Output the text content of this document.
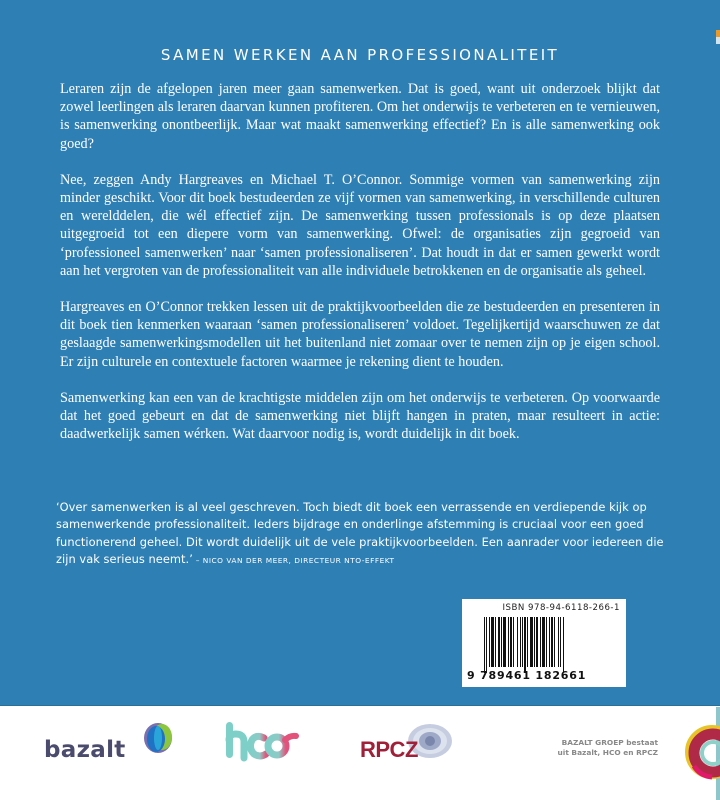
SAMEN WERKEN AAN PROFESSIONALITEIT

Leraren zijn de afgelopen jaren meer gaan samenwerken. Dat is goed, want uit onderzoek blijkt dat zowel leerlingen als leraren daarvan kunnen profiteren. Om het onderwijs te verbeteren en te vernieuwen, is samenwerking onontbeerlijk. Maar wat maakt samenwerking effectief? En is alle samenwerking ook goed?

Nee, zeggen Andy Hargreaves en Michael T. O’Connor. Sommige vormen van samenwerking zijn minder geschikt. Voor dit boek bestudeerden ze vijf vormen van samenwerking, in verschillende culturen en werelddelen, die wél effectief zijn. De samenwerking tussen professionals is op deze plaatsen uitgegroeid tot een diepere vorm van samenwerking. Ofwel: de organisaties zijn gegroeid van ‘professioneel samenwerken’ naar ‘samen professionaliseren’. Dat houdt in dat er samen gewerkt wordt aan het vergroten van de professionaliteit van alle individuele betrokkenen en de organisatie als geheel.

Hargreaves en O’Connor trekken lessen uit de praktijkvoorbeelden die ze bestudeerden en presenteren in dit boek tien kenmerken waaraan ‘samen professionaliseren’ voldoet. Tegelijkertijd waarschuwen ze dat geslaagde samenwerkingsmodellen uit het buitenland niet zomaar over te nemen zijn op je eigen school. Er zijn culturele en contextuele factoren waarmee je rekening dient te houden.

Samenwerking kan een van de krachtigste middelen zijn om het onderwijs te verbeteren. Op voorwaarde dat het goed gebeurt en dat de samenwerking niet blijft hangen in praten, maar resulteert in actie: daadwerkelijk samen wérken. Wat daarvoor nodig is, wordt duidelijk in dit boek.

‘Over samenwerken is al veel geschreven. Toch biedt dit boek een verrassende en verdiepende kijk op samenwerkende professionaliteit. Ieders bijdrage en onderlinge afstemming is cruciaal voor een goed functionerend geheel. Dit wordt duidelijk uit de vele praktijkvoorbeelden. Een aanrader voor iedereen die zijn vak serieus neemt.’ – NICO VAN DER MEER, DIRECTEUR NTO-EFFEKT
ISBN 978-94-6118-266-1
9 789461 182661
bazalt	RPCZ	BAZALT GROEP bestaat
uit Bazalt, HCO en RPCZ
